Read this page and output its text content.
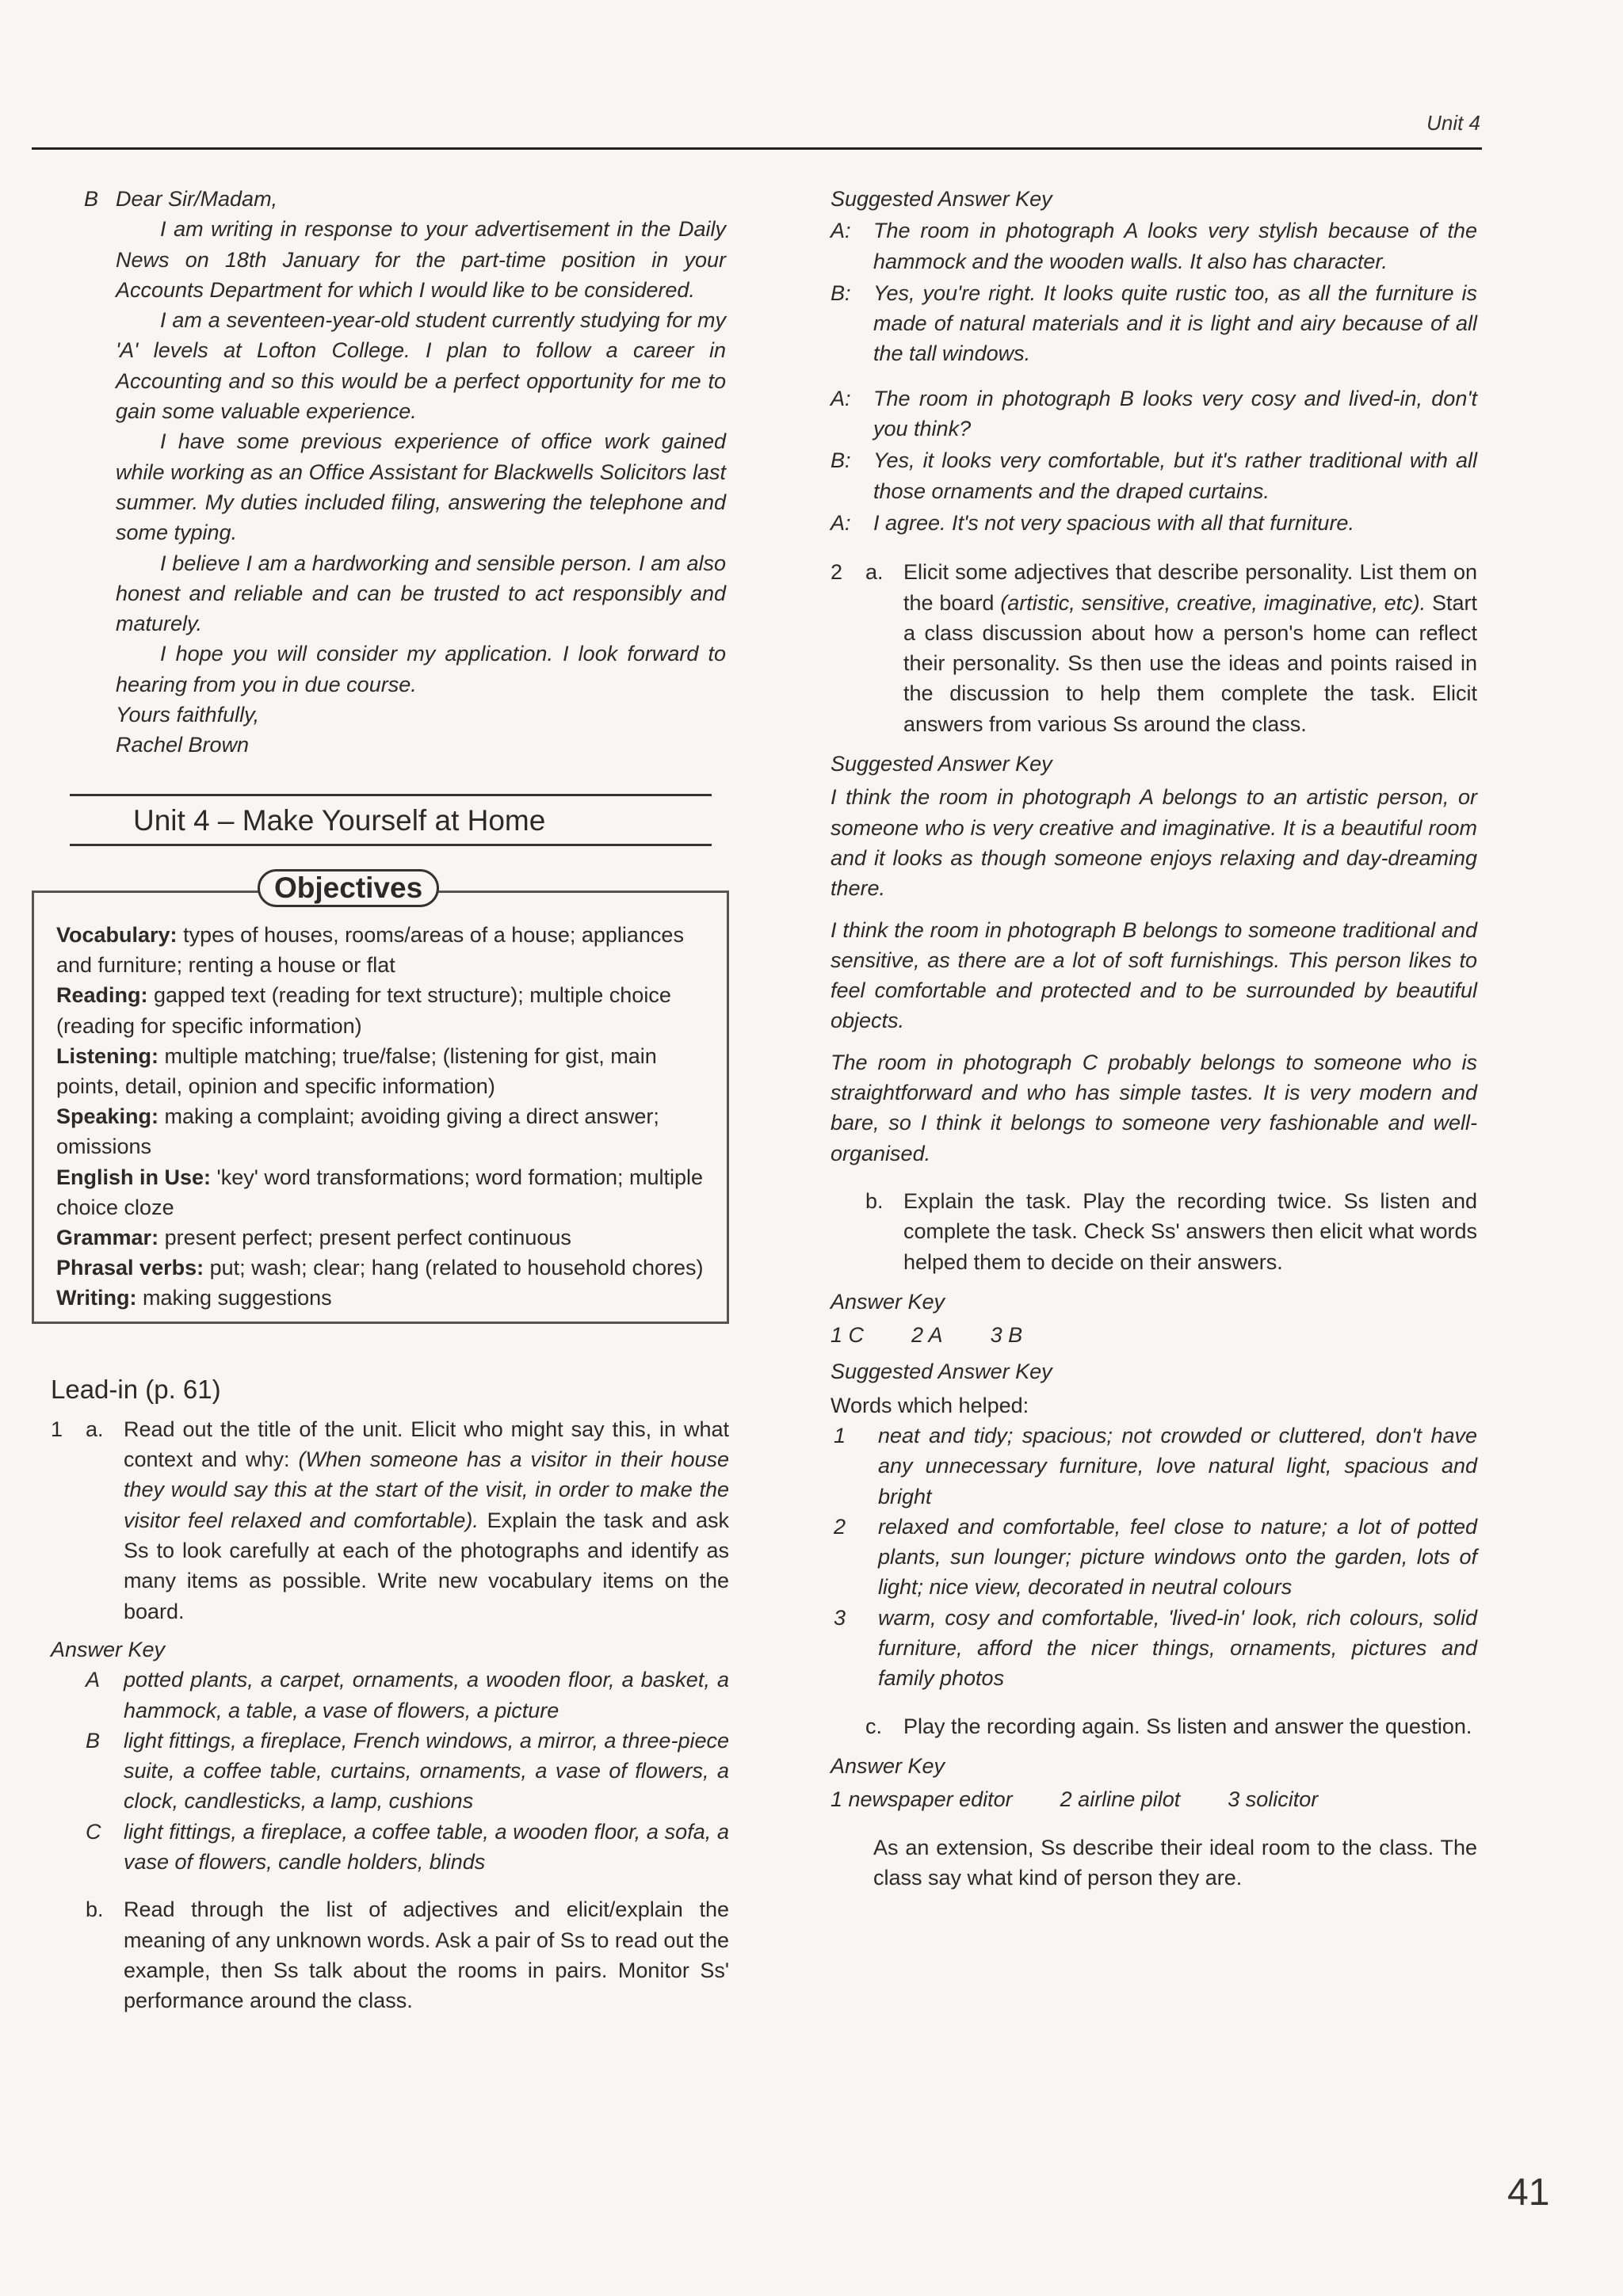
Unit 4
B Dear Sir/Madam,

I am writing in response to your advertisement in the Daily News on 18th January for the part-time position in your Accounts Department for which I would like to be considered.

I am a seventeen-year-old student currently studying for my 'A' levels at Lofton College. I plan to follow a career in Accounting and so this would be a perfect opportunity for me to gain some valuable experience.

I have some previous experience of office work gained while working as an Office Assistant for Blackwells Solicitors last summer. My duties included filing, answering the telephone and some typing.

I believe I am a hardworking and sensible person. I am also honest and reliable and can be trusted to act responsibly and maturely.

I hope you will consider my application. I look forward to hearing from you in due course.

Yours faithfully,

Rachel Brown

Unit 4 – Make Yourself at Home
Objectives
Vocabulary: types of houses, rooms/areas of a house; appliances and furniture; renting a house or flat
Reading: gapped text (reading for text structure); multiple choice (reading for specific information)
Listening: multiple matching; true/false; (listening for gist, main points, detail, opinion and specific information)
Speaking: making a complaint; avoiding giving a direct answer; omissions
English in Use: 'key' word transformations; word formation; multiple choice cloze
Grammar: present perfect; present perfect continuous
Phrasal verbs: put; wash; clear; hang (related to household chores)
Writing: making suggestions
Lead-in (p. 61)
1	a. Read out the title of the unit. Elicit who might say this, in what context and why: (When someone has a visitor in their house they would say this at the start of the visit, in order to make the visitor feel relaxed and comfortable). Explain the task and ask Ss to look carefully at each of the photographs and identify as many items as possible. Write new vocabulary items on the board.
Answer Key
A	potted plants, a carpet, ornaments, a wooden floor, a basket, a hammock, a table, a vase of flowers, a picture
B	light fittings, a fireplace, French windows, a mirror, a three-piece suite, a coffee table, curtains, ornaments, a vase of flowers, a clock, candlesticks, a lamp, cushions
C	light fittings, a fireplace, a coffee table, a wooden floor, a sofa, a vase of flowers, candle holders, blinds
b. Read through the list of adjectives and elicit/explain the meaning of any unknown words. Ask a pair of Ss to read out the example, then Ss talk about the rooms in pairs. Monitor Ss' performance around the class.
Suggested Answer Key
A:	The room in photograph A looks very stylish because of the hammock and the wooden walls. It also has character.
B:	Yes, you're right. It looks quite rustic too, as all the furniture is made of natural materials and it is light and airy because of all the tall windows.
A:	The room in photograph B looks very cosy and lived-in, don't you think?
B:	Yes, it looks very comfortable, but it's rather traditional with all those ornaments and the draped curtains.
A:	I agree. It's not very spacious with all that furniture.
2	a. Elicit some adjectives that describe personality. List them on the board (artistic, sensitive, creative, imaginative, etc). Start a class discussion about how a person's home can reflect their personality. Ss then use the ideas and points raised in the discussion to help them complete the task. Elicit answers from various Ss around the class.
Suggested Answer Key

I think the room in photograph A belongs to an artistic person, or someone who is very creative and imaginative. It is a beautiful room and it looks as though someone enjoys relaxing and day-dreaming there.

I think the room in photograph B belongs to someone traditional and sensitive, as there are a lot of soft furnishings. This person likes to feel comfortable and protected and to be surrounded by beautiful objects.

The room in photograph C probably belongs to someone who is straightforward and who has simple tastes. It is very modern and bare, so I think it belongs to someone very fashionable and well-organised.

b. Explain the task. Play the recording twice. Ss listen and complete the task. Check Ss' answers then elicit what words helped them to decide on their answers.
Answer Key
1 C 2 A 3 B
Suggested Answer Key
Words which helped:
1	neat and tidy; spacious; not crowded or cluttered, don't have any unnecessary furniture, love natural light, spacious and bright
2	relaxed and comfortable, feel close to nature; a lot of potted plants, sun lounger; picture windows onto the garden, lots of light; nice view, decorated in neutral colours
3	warm, cosy and comfortable, 'lived-in' look, rich colours, solid furniture, afford the nicer things, ornaments, pictures and family photos
c. Play the recording again. Ss listen and answer the question.
Answer Key
1 newspaper editor 2 airline pilot 3 solicitor

As an extension, Ss describe their ideal room to the class. The class say what kind of person they are.

41
